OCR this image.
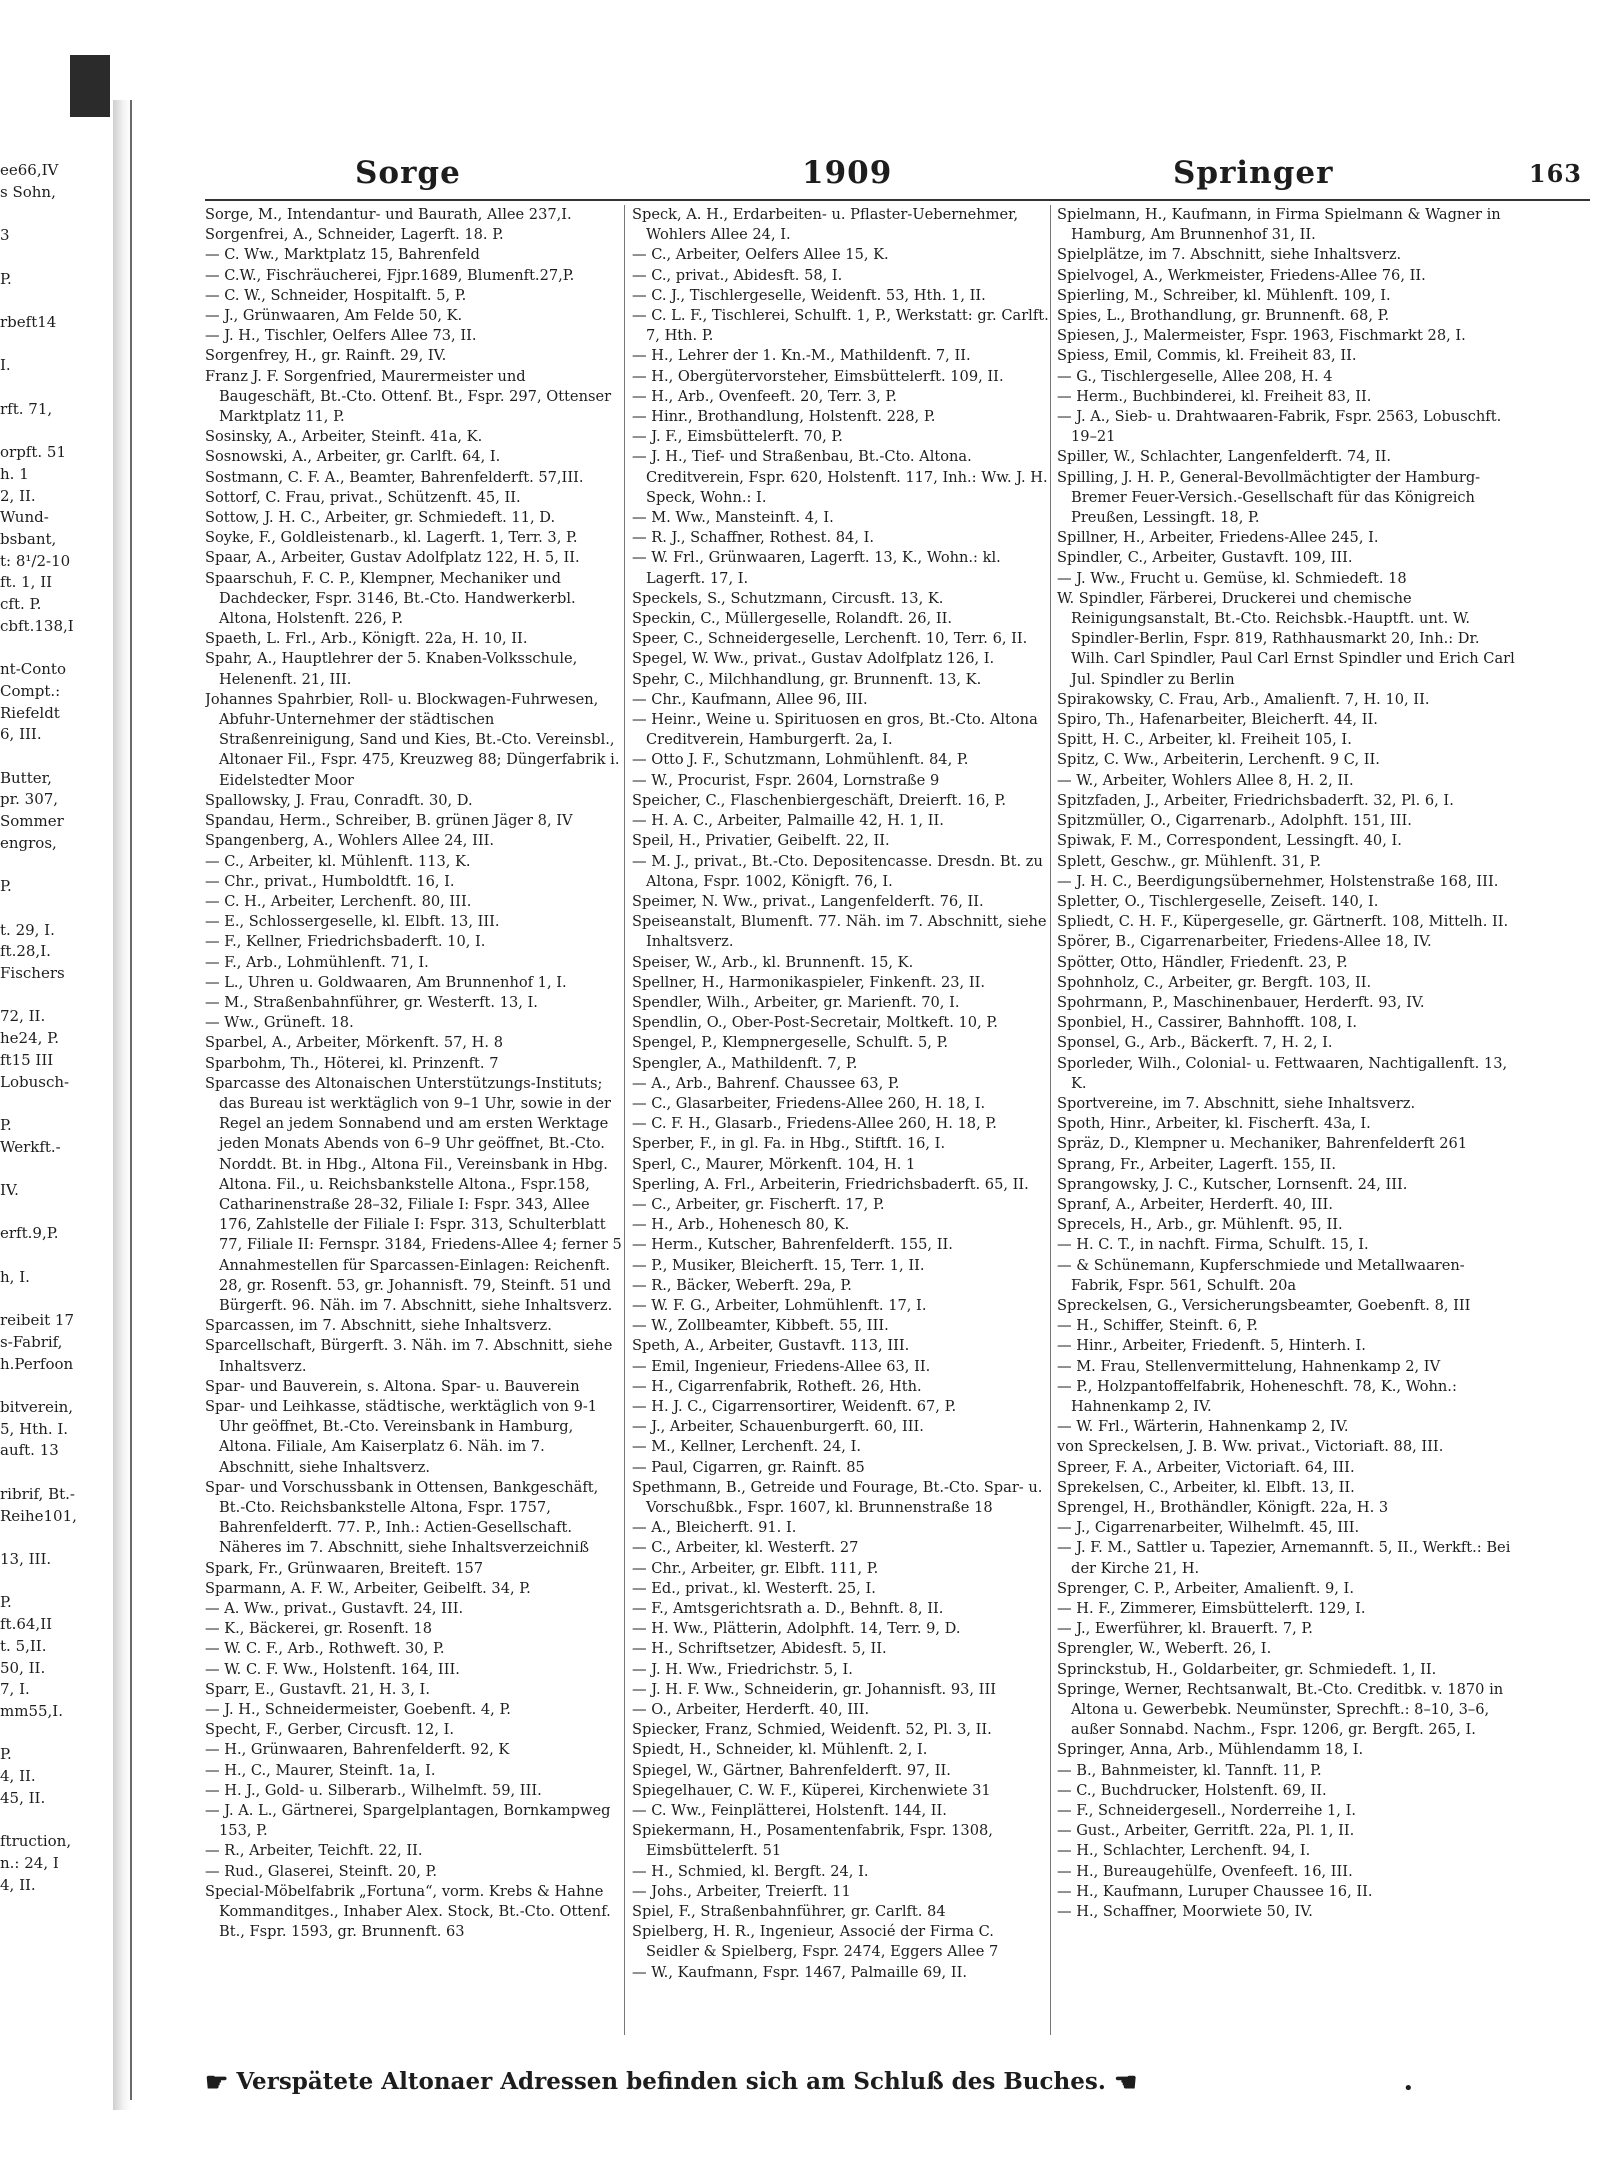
ee66,IV
s Sohn,

3

P.

rbeft14

I.

rft. 71,

orpft. 51
h. 1
2, II.
Wund-
bsbant,
t: 8¹/2-10
ft. 1, II
cft. P.
cbft.138,I

nt-Conto
Compt.:
Riefeldt
6, III.

Butter,
pr. 307,
Sommer
engros,

P.

t. 29, I.
ft.28,I.
Fischers

72, II.
he24, P.
ft15 III
Lobusch-

P.
Werkft.-

IV.

erft.9,P.

h, I.

reibeit 17
s-Fabrif,
h.Perfoon

bitverein,
5, Hth. I.
auft. 13

ribrif, Bt.-
Reihe101,

13, III.

P.
ft.64,II
t. 5,II.
50, II.
7, I.
mm55,I.

P.
4, II.
45, II.

ftruction,
n.: 24, I
4, II.
Sorge	1909	Springer	163
Sorge, M., Intendantur- und Baurath, Allee 237,I.
Sorgenfrei, A., Schneider, Lagerft. 18. P.
— C. Ww., Marktplatz 15, Bahrenfeld
— C.W., Fischräucherei, Fjpr.1689, Blumenft.27,P.
— C. W., Schneider, Hospitalft. 5, P.
— J., Grünwaaren, Am Felde 50, K.
— J. H., Tischler, Oelfers Allee 73, II.
Sorgenfrey, H., gr. Rainft. 29, IV.
Franz J. F. Sorgenfried, Maurermeister und Baugeschäft, Bt.-Cto. Ottenf. Bt., Fspr. 297, Ottenser Marktplatz 11, P.
Sosinsky, A., Arbeiter, Steinft. 41a, K.
Sosnowski, A., Arbeiter, gr. Carlft. 64, I.
Sostmann, C. F. A., Beamter, Bahrenfelderft. 57,III.
Sottorf, C. Frau, privat., Schützenft. 45, II.
Sottow, J. H. C., Arbeiter, gr. Schmiedeft. 11, D.
Soyke, F., Goldleistenarb., kl. Lagerft. 1, Terr. 3, P.
Spaar, A., Arbeiter, Gustav Adolfplatz 122, H. 5, II.
Spaarschuh, F. C. P., Klempner, Mechaniker und Dachdecker, Fspr. 3146, Bt.-Cto. Handwerkerbl. Altona, Holstenft. 226, P.
Spaeth, L. Frl., Arb., Königft. 22a, H. 10, II.
Spahr, A., Hauptlehrer der 5. Knaben-Volksschule, Helenenft. 21, III.
Johannes Spahrbier, Roll- u. Blockwagen-Fuhrwesen, Abfuhr-Unternehmer der städtischen Straßenreinigung, Sand und Kies, Bt.-Cto. Vereinsbl., Altonaer Fil., Fspr. 475, Kreuzweg 88; Düngerfabrik i. Eidelstedter Moor
Spallowsky, J. Frau, Conradft. 30, D.
Spandau, Herm., Schreiber, B. grünen Jäger 8, IV
Spangenberg, A., Wohlers Allee 24, III.
— C., Arbeiter, kl. Mühlenft. 113, K.
— Chr., privat., Humboldtft. 16, I.
— C. H., Arbeiter, Lerchenft. 80, III.
— E., Schlossergeselle, kl. Elbft. 13, III.
— F., Kellner, Friedrichsbaderft. 10, I.
— F., Arb., Lohmühlenft. 71, I.
— L., Uhren u. Goldwaaren, Am Brunnenhof 1, I.
— M., Straßenbahnführer, gr. Westerft. 13, I.
— Ww., Grüneft. 18.
Sparbel, A., Arbeiter, Mörkenft. 57, H. 8
Sparbohm, Th., Höterei, kl. Prinzenft. 7
Sparcasse des Altonaischen Unterstützungs-Instituts; das Bureau ist werktäglich von 9–1 Uhr, sowie in der Regel an jedem Sonnabend und am ersten Werktage jeden Monats Abends von 6–9 Uhr geöffnet, Bt.-Cto. Norddt. Bt. in Hbg., Altona Fil., Vereinsbank in Hbg. Altona. Fil., u. Reichsbankstelle Altona., Fspr.158, Catharinenstraße 28–32, Filiale I: Fspr. 343, Allee 176, Zahlstelle der Filiale I: Fspr. 313, Schulterblatt 77, Filiale II: Fernspr. 3184, Friedens-Allee 4; ferner 5 Annahmestellen für Sparcassen-Einlagen: Reichenft. 28, gr. Rosenft. 53, gr. Johannisft. 79, Steinft. 51 und Bürgerft. 96. Näh. im 7. Abschnitt, siehe Inhaltsverz.
Sparcassen, im 7. Abschnitt, siehe Inhaltsverz.
Sparcellschaft, Bürgerft. 3. Näh. im 7. Abschnitt, siehe Inhaltsverz.
Spar- und Bauverein, s. Altona. Spar- u. Bauverein
Spar- und Leihkasse, städtische, werktäglich von 9-1 Uhr geöffnet, Bt.-Cto. Vereinsbank in Hamburg, Altona. Filiale, Am Kaiserplatz 6. Näh. im 7. Abschnitt, siehe Inhaltsverz.
Spar- und Vorschussbank in Ottensen, Bankgeschäft, Bt.-Cto. Reichsbankstelle Altona, Fspr. 1757, Bahrenfelderft. 77. P., Inh.: Actien-Gesellschaft. Näheres im 7. Abschnitt, siehe Inhaltsverzeichniß
Spark, Fr., Grünwaaren, Breiteft. 157
Sparmann, A. F. W., Arbeiter, Geibelft. 34, P.
— A. Ww., privat., Gustavft. 24, III.
— K., Bäckerei, gr. Rosenft. 18
— W. C. F., Arb., Rothweft. 30, P.
— W. C. F. Ww., Holstenft. 164, III.
Sparr, E., Gustavft. 21, H. 3, I.
— J. H., Schneidermeister, Goebenft. 4, P.
Specht, F., Gerber, Circusft. 12, I.
— H., Grünwaaren, Bahrenfelderft. 92, K
— H., C., Maurer, Steinft. 1a, I.
— H. J., Gold- u. Silberarb., Wilhelmft. 59, III.
— J. A. L., Gärtnerei, Spargelplantagen, Bornkampweg 153, P.
— R., Arbeiter, Teichft. 22, II.
— Rud., Glaserei, Steinft. 20, P.
Special-Möbelfabrik „Fortuna“, vorm. Krebs & Hahne Kommanditges., Inhaber Alex. Stock, Bt.-Cto. Ottenf. Bt., Fspr. 1593, gr. Brunnenft. 63
Speck, A. H., Erdarbeiten- u. Pflaster-Uebernehmer, Wohlers Allee 24, I.
— C., Arbeiter, Oelfers Allee 15, K.
— C., privat., Abidesft. 58, I.
— C. J., Tischlergeselle, Weidenft. 53, Hth. 1, II.
— C. L. F., Tischlerei, Schulft. 1, P., Werkstatt: gr. Carlft. 7, Hth. P.
— H., Lehrer der 1. Kn.-M., Mathildenft. 7, II.
— H., Obergütervorsteher, Eimsbüttelerft. 109, II.
— H., Arb., Ovenfeeft. 20, Terr. 3, P.
— Hinr., Brothandlung, Holstenft. 228, P.
— J. F., Eimsbüttelerft. 70, P.
— J. H., Tief- und Straßenbau, Bt.-Cto. Altona. Creditverein, Fspr. 620, Holstenft. 117, Inh.: Ww. J. H. Speck, Wohn.: I.
— M. Ww., Mansteinft. 4, I.
— R. J., Schaffner, Rothest. 84, I.
— W. Frl., Grünwaaren, Lagerft. 13, K., Wohn.: kl. Lagerft. 17, I.
Speckels, S., Schutzmann, Circusft. 13, K.
Speckin, C., Müllergeselle, Rolandft. 26, II.
Speer, C., Schneidergeselle, Lerchenft. 10, Terr. 6, II.
Spegel, W. Ww., privat., Gustav Adolfplatz 126, I.
Spehr, C., Milchhandlung, gr. Brunnenft. 13, K.
— Chr., Kaufmann, Allee 96, III.
— Heinr., Weine u. Spirituosen en gros, Bt.-Cto. Altona Creditverein, Hamburgerft. 2a, I.
— Otto J. F., Schutzmann, Lohmühlenft. 84, P.
— W., Procurist, Fspr. 2604, Lornstraße 9
Speicher, C., Flaschenbiergeschäft, Dreierft. 16, P.
— H. A. C., Arbeiter, Palmaille 42, H. 1, II.
Speil, H., Privatier, Geibelft. 22, II.
— M. J., privat., Bt.-Cto. Depositencasse. Dresdn. Bt. zu Altona, Fspr. 1002, Königft. 76, I.
Speimer, N. Ww., privat., Langenfelderft. 76, II.
Speiseanstalt, Blumenft. 77. Näh. im 7. Abschnitt, siehe Inhaltsverz.
Speiser, W., Arb., kl. Brunnenft. 15, K.
Spellner, H., Harmonikaspieler, Finkenft. 23, II.
Spendler, Wilh., Arbeiter, gr. Marienft. 70, I.
Spendlin, O., Ober-Post-Secretair, Moltkeft. 10, P.
Spengel, P., Klempnergeselle, Schulft. 5, P.
Spengler, A., Mathildenft. 7, P.
— A., Arb., Bahrenf. Chaussee 63, P.
— C., Glasarbeiter, Friedens-Allee 260, H. 18, I.
— C. F. H., Glasarb., Friedens-Allee 260, H. 18, P.
Sperber, F., in gl. Fa. in Hbg., Stiftft. 16, I.
Sperl, C., Maurer, Mörkenft. 104, H. 1
Sperling, A. Frl., Arbeiterin, Friedrichsbaderft. 65, II.
— C., Arbeiter, gr. Fischerft. 17, P.
— H., Arb., Hohenesch 80, K.
— Herm., Kutscher, Bahrenfelderft. 155, II.
— P., Musiker, Bleicherft. 15, Terr. 1, II.
— R., Bäcker, Weberft. 29a, P.
— W. F. G., Arbeiter, Lohmühlenft. 17, I.
— W., Zollbeamter, Kibbeft. 55, III.
Speth, A., Arbeiter, Gustavft. 113, III.
— Emil, Ingenieur, Friedens-Allee 63, II.
— H., Cigarrenfabrik, Rotheft. 26, Hth.
— H. J. C., Cigarrensortirer, Weidenft. 67, P.
— J., Arbeiter, Schauenburgerft. 60, III.
— M., Kellner, Lerchenft. 24, I.
— Paul, Cigarren, gr. Rainft. 85
Spethmann, B., Getreide und Fourage, Bt.-Cto. Spar- u. Vorschußbk., Fspr. 1607, kl. Brunnenstraße 18
— A., Bleicherft. 91. I.
— C., Arbeiter, kl. Westerft. 27
— Chr., Arbeiter, gr. Elbft. 111, P.
— Ed., privat., kl. Westerft. 25, I.
— F., Amtsgerichtsrath a. D., Behnft. 8, II.
— H. Ww., Plätterin, Adolphft. 14, Terr. 9, D.
— H., Schriftsetzer, Abidesft. 5, II.
— J. H. Ww., Friedrichstr. 5, I.
— J. H. F. Ww., Schneiderin, gr. Johannisft. 93, III
— O., Arbeiter, Herderft. 40, III.
Spiecker, Franz, Schmied, Weidenft. 52, Pl. 3, II.
Spiedt, H., Schneider, kl. Mühlenft. 2, I.
Spiegel, W., Gärtner, Bahrenfelderft. 97, II.
Spiegelhauer, C. W. F., Küperei, Kirchenwiete 31
— C. Ww., Feinplätterei, Holstenft. 144, II.
Spiekermann, H., Posamentenfabrik, Fspr. 1308, Eimsbüttelerft. 51
— H., Schmied, kl. Bergft. 24, I.
— Johs., Arbeiter, Treierft. 11
Spiel, F., Straßenbahnführer, gr. Carlft. 84
Spielberg, H. R., Ingenieur, Associé der Firma C. Seidler & Spielberg, Fspr. 2474, Eggers Allee 7
— W., Kaufmann, Fspr. 1467, Palmaille 69, II.
Spielmann, H., Kaufmann, in Firma Spielmann & Wagner in Hamburg, Am Brunnenhof 31, II.
Spielplätze, im 7. Abschnitt, siehe Inhaltsverz.
Spielvogel, A., Werkmeister, Friedens-Allee 76, II.
Spierling, M., Schreiber, kl. Mühlenft. 109, I.
Spies, L., Brothandlung, gr. Brunnenft. 68, P.
Spiesen, J., Malermeister, Fspr. 1963, Fischmarkt 28, I.
Spiess, Emil, Commis, kl. Freiheit 83, II.
— G., Tischlergeselle, Allee 208, H. 4
— Herm., Buchbinderei, kl. Freiheit 83, II.
— J. A., Sieb- u. Drahtwaaren-Fabrik, Fspr. 2563, Lobuschft. 19–21
Spiller, W., Schlachter, Langenfelderft. 74, II.
Spilling, J. H. P., General-Bevollmächtigter der Hamburg-Bremer Feuer-Versich.-Gesellschaft für das Königreich Preußen, Lessingft. 18, P.
Spillner, H., Arbeiter, Friedens-Allee 245, I.
Spindler, C., Arbeiter, Gustavft. 109, III.
— J. Ww., Frucht u. Gemüse, kl. Schmiedeft. 18
W. Spindler, Färberei, Druckerei und chemische Reinigungsanstalt, Bt.-Cto. Reichsbk.-Hauptft. unt. W. Spindler-Berlin, Fspr. 819, Rathhausmarkt 20, Inh.: Dr. Wilh. Carl Spindler, Paul Carl Ernst Spindler und Erich Carl Jul. Spindler zu Berlin
Spirakowsky, C. Frau, Arb., Amalienft. 7, H. 10, II.
Spiro, Th., Hafenarbeiter, Bleicherft. 44, II.
Spitt, H. C., Arbeiter, kl. Freiheit 105, I.
Spitz, C. Ww., Arbeiterin, Lerchenft. 9 C, II.
— W., Arbeiter, Wohlers Allee 8, H. 2, II.
Spitzfaden, J., Arbeiter, Friedrichsbaderft. 32, Pl. 6, I.
Spitzmüller, O., Cigarrenarb., Adolphft. 151, III.
Spiwak, F. M., Correspondent, Lessingft. 40, I.
Splett, Geschw., gr. Mühlenft. 31, P.
— J. H. C., Beerdigungsübernehmer, Holstenstraße 168, III.
Spletter, O., Tischlergeselle, Zeiseft. 140, I.
Spliedt, C. H. F., Küpergeselle, gr. Gärtnerft. 108, Mittelh. II.
Spörer, B., Cigarrenarbeiter, Friedens-Allee 18, IV.
Spötter, Otto, Händler, Friedenft. 23, P.
Spohnholz, C., Arbeiter, gr. Bergft. 103, II.
Spohrmann, P., Maschinenbauer, Herderft. 93, IV.
Sponbiel, H., Cassirer, Bahnhofft. 108, I.
Sponsel, G., Arb., Bäckerft. 7, H. 2, I.
Sporleder, Wilh., Colonial- u. Fettwaaren, Nachtigallenft. 13, K.
Sportvereine, im 7. Abschnitt, siehe Inhaltsverz.
Spoth, Hinr., Arbeiter, kl. Fischerft. 43a, I.
Spräz, D., Klempner u. Mechaniker, Bahrenfelderft 261
Sprang, Fr., Arbeiter, Lagerft. 155, II.
Sprangowsky, J. C., Kutscher, Lornsenft. 24, III.
Spranf, A., Arbeiter, Herderft. 40, III.
Sprecels, H., Arb., gr. Mühlenft. 95, II.
— H. C. T., in nachft. Firma, Schulft. 15, I.
— & Schünemann, Kupferschmiede und Metallwaaren-Fabrik, Fspr. 561, Schulft. 20a
Spreckelsen, G., Versicherungsbeamter, Goebenft. 8, III
— H., Schiffer, Steinft. 6, P.
— Hinr., Arbeiter, Friedenft. 5, Hinterh. I.
— M. Frau, Stellenvermittelung, Hahnenkamp 2, IV
— P., Holzpantoffelfabrik, Hoheneschft. 78, K., Wohn.: Hahnenkamp 2, IV.
— W. Frl., Wärterin, Hahnenkamp 2, IV.
von Spreckelsen, J. B. Ww. privat., Victoriaft. 88, III.
Spreer, F. A., Arbeiter, Victoriaft. 64, III.
Sprekelsen, C., Arbeiter, kl. Elbft. 13, II.
Sprengel, H., Brothändler, Königft. 22a, H. 3
— J., Cigarrenarbeiter, Wilhelmft. 45, III.
— J. F. M., Sattler u. Tapezier, Arnemannft. 5, II., Werkft.: Bei der Kirche 21, H.
Sprenger, C. P., Arbeiter, Amalienft. 9, I.
— H. F., Zimmerer, Eimsbüttelerft. 129, I.
— J., Ewerführer, kl. Brauerft. 7, P.
Sprengler, W., Weberft. 26, I.
Sprinckstub, H., Goldarbeiter, gr. Schmiedeft. 1, II.
Springe, Werner, Rechtsanwalt, Bt.-Cto. Creditbk. v. 1870 in Altona u. Gewerbebk. Neumünster, Sprechft.: 8–10, 3–6, außer Sonnabd. Nachm., Fspr. 1206, gr. Bergft. 265, I.
Springer, Anna, Arb., Mühlendamm 18, I.
— B., Bahnmeister, kl. Tannft. 11, P.
— C., Buchdrucker, Holstenft. 69, II.
— F., Schneidergesell., Norderreihe 1, I.
— Gust., Arbeiter, Gerritft. 22a, Pl. 1, II.
— H., Schlachter, Lerchenft. 94, I.
— H., Bureaugehülfe, Ovenfeeft. 16, III.
— H., Kaufmann, Luruper Chaussee 16, II.
— H., Schaffner, Moorwiete 50, IV.
☛ Verspätete Altonaer Adressen befinden sich am Schluß des Buches. ☛	•
